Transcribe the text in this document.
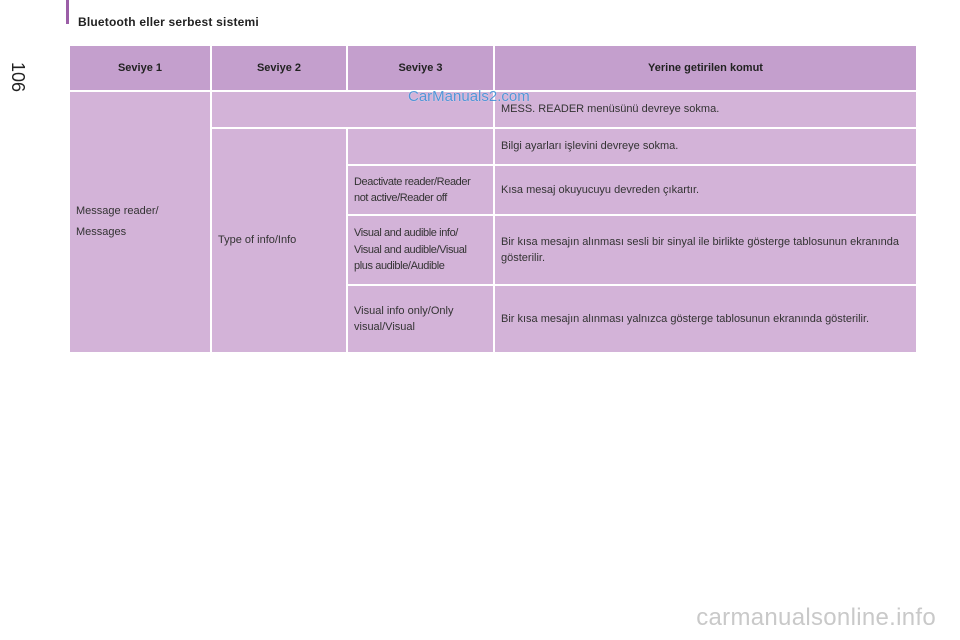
Bluetooth eller serbest sistemi
106
CarManuals2.com
Seviye 1	Seviye 2	Seviye 3	Yerine getirilen komut
Message reader/
Messages			MESS. READER menüsünü devreye sokma.
	Type of info/Info		Bilgi ayarları işlevini devreye sokma.
		Deactivate reader/Reader not active/Reader off	Kısa mesaj okuyucuyu devreden çıkartır.
		Visual and audible info/ Visual and audible/Visual plus audible/Audible	Bir kısa mesajın alınması sesli bir sinyal ile birlikte gösterge tablosunun ekranında gösterilir.
		Visual info only/Only visual/Visual	Bir kısa mesajın alınması yalnızca gösterge tablosunun ekranında gösterilir.
carmanualsonline.info
